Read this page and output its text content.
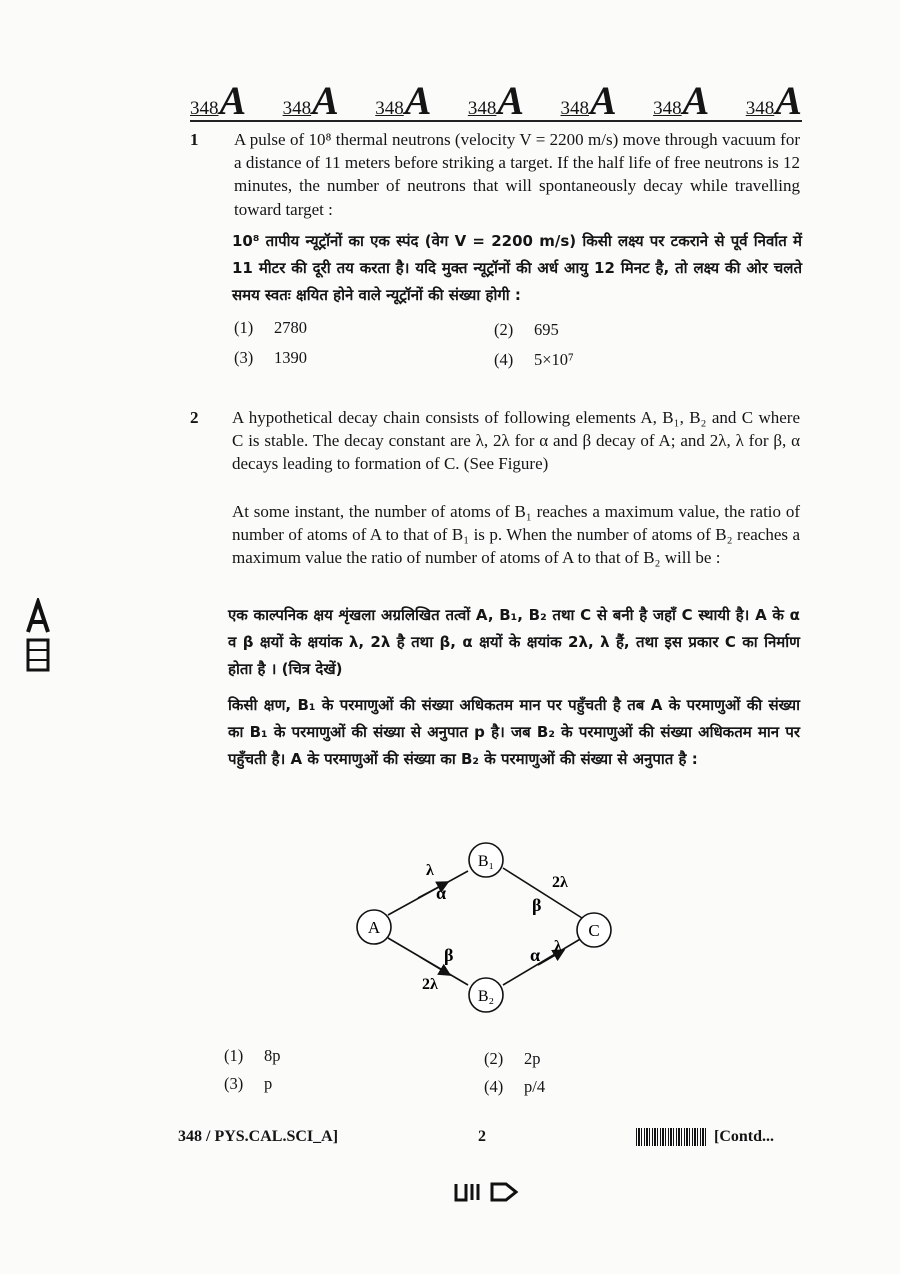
348 A 348 A 348 A 348 A 348 A 348 A 348 A
1 A pulse of 10⁸ thermal neutrons (velocity V = 2200 m/s) move through vacuum for a distance of 11 meters before striking a target. If the half life of free neutrons is 12 minutes, the number of neutrons that will spontaneously decay while travelling toward target :
10⁸ तापीय न्यूट्रॉनों का एक स्पंद (वेग V = 2200 m/s) किसी लक्ष्य पर टकराने से पूर्व निर्वात में 11 मीटर की दूरी तय करता है। यदि मुक्त न्यूट्रॉनों की अर्ध आयु 12 मिनट है, तो लक्ष्य की ओर चलते समय स्वतः क्षयित होने वाले न्यूट्रॉनों की संख्या होगी :
(1)	2780	(2)	695
(3)	1390	(4)	5×10⁷
2 A hypothetical decay chain consists of following elements A, B₁, B₂ and C where C is stable. The decay constant are λ, 2λ for α and β decay of A; and 2λ, λ for β, α decays leading to formation of C. (See Figure)
At some instant, the number of atoms of B₁ reaches a maximum value, the ratio of number of atoms of A to that of B₁ is p. When the number of atoms of B₂ reaches a maximum value the ratio of number of atoms of A to that of B₂ will be :
एक काल्पनिक क्षय शृंखला अग्रलिखित तत्वों A, B₁, B₂ तथा C से बनी है जहाँ C स्थायी है। A के α व β क्षयों के क्षयांक λ, 2λ है तथा β, α क्षयों के क्षयांक 2λ, λ हैं, तथा इस प्रकार C का निर्माण होता है । (चित्र देखें)
किसी क्षण, B₁ के परमाणुओं की संख्या अधिकतम मान पर पहुँचती है तब A के परमाणुओं की संख्या का B₁ के परमाणुओं की संख्या से अनुपात p है। जब B₂ के परमाणुओं की संख्या अधिकतम मान पर पहुँचती है। A के परमाणुओं की संख्या का B₂ के परमाणुओं की संख्या से अनुपात है :
A
B₁
B₂
C
λ
α
2λ
β
β
2λ
α λ
(1)	8p	(2)	2p
(3)	p	(4)	p/4
348 / PYS.CAL.SCI_A]	2	[Contd...
